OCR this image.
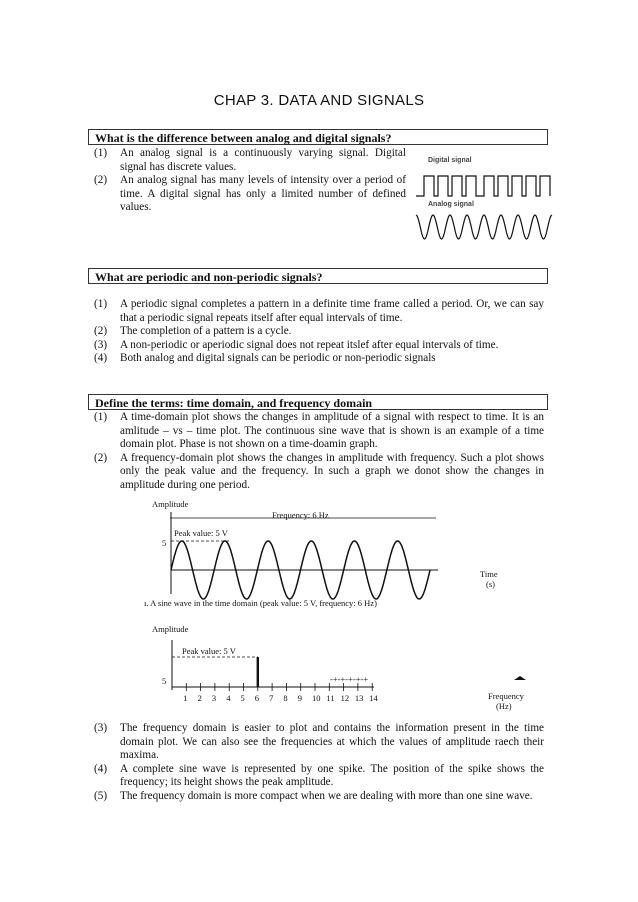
CHAP 3. DATA AND SIGNALS
What is the difference between analog and digital signals?
(1) An analog signal is a continuously varying signal. Digital signal has discrete values.
(2) An analog signal has many levels of intensity over a period of time. A digital signal has only a limited number of defined values.
Digital signal
Analog signal
What are periodic and non-periodic signals?
(1) A periodic signal completes a pattern in a definite time frame called a period. Or, we can say that a periodic signal repeats itself after equal intervals of time.
(2) The completion of a pattern is a cycle.
(3) A non-periodic or aperiodic signal does not repeat itslef after equal intervals of time.
(4) Both analog and digital signals can be periodic or non-periodic signals
Define the terms: time domain, and frequency domain
(1) A time-domain plot shows the changes in amplitude of a signal with respect to time. It is an amlitude – vs – time plot. The continuous sine wave that is shown is an example of a time domain plot. Phase is not shown on a time-doamin graph.
(2) A frequency-domain plot shows the changes in amplitude with frequency. Such a plot shows only the peak value and the frequency. In such a graph we donot show the changes in amplitude during one period.
Amplitude
Frequency: 6 Hz
Peak value: 5 V
5
Time
(s)
ı. A sine wave in the time domain (peak value: 5 V, frequency: 6 Hz)
Amplitude
Peak value: 5 V
5
1 2 3 4 5 6 7 8 9 10 11 12 13 14
-+-+-+-+-+
Frequency
(Hz)
(3) The frequency domain is easier to plot and contains the information present in the time domain plot. We can also see the frequencies at which the values of amplitude raech their maxima.
(4) A complete sine wave is represented by one spike. The position of the spike shows the frequency; its height shows the peak amplitude.
(5) The frequency domain is more compact when we are dealing with more than one sine wave.
